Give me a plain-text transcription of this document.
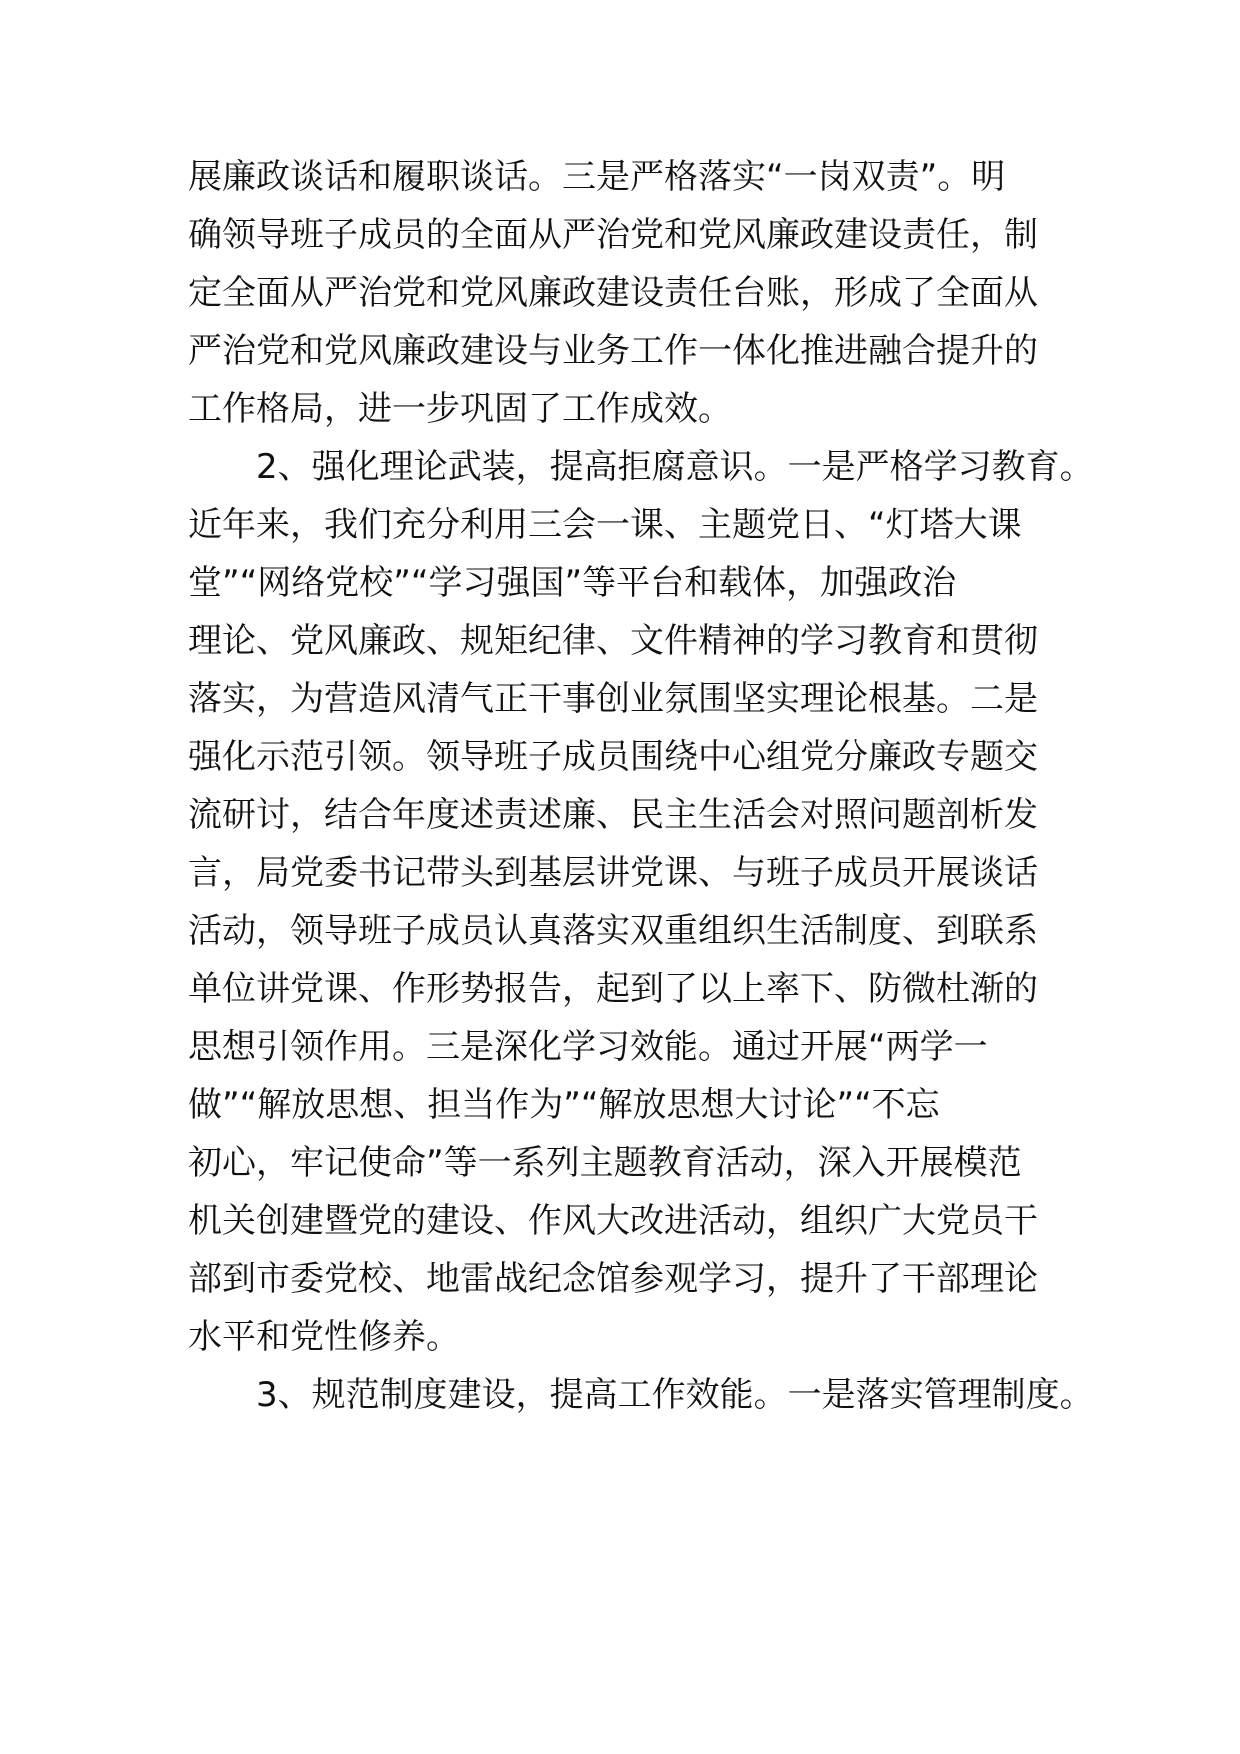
展廉政谈话和履职谈话。三是严格落实“一岗双责”。明
确领导班子成员的全面从严治党和党风廉政建设责任，制
定全面从严治党和党风廉政建设责任台账，形成了全面从
严治党和党风廉政建设与业务工作一体化推进融合提升的
工作格局，进一步巩固了工作成效。
2、强化理论武装，提高拒腐意识。一是严格学习教育。
近年来，我们充分利用三会一课、主题党日、“灯塔大课
堂”“网络党校”“学习强国”等平台和载体，加强政治
理论、党风廉政、规矩纪律、文件精神的学习教育和贯彻
落实，为营造风清气正干事创业氛围坚实理论根基。二是
强化示范引领。领导班子成员围绕中心组党分廉政专题交
流研讨，结合年度述责述廉、民主生活会对照问题剖析发
言，局党委书记带头到基层讲党课、与班子成员开展谈话
活动，领导班子成员认真落实双重组织生活制度、到联系
单位讲党课、作形势报告，起到了以上率下、防微杜渐的
思想引领作用。三是深化学习效能。通过开展“两学一
做”“解放思想、担当作为”“解放思想大讨论”“不忘
初心，牢记使命”等一系列主题教育活动，深入开展模范
机关创建暨党的建设、作风大改进活动，组织广大党员干
部到市委党校、地雷战纪念馆参观学习，提升了干部理论
水平和党性修养。
3、规范制度建设，提高工作效能。一是落实管理制度。
